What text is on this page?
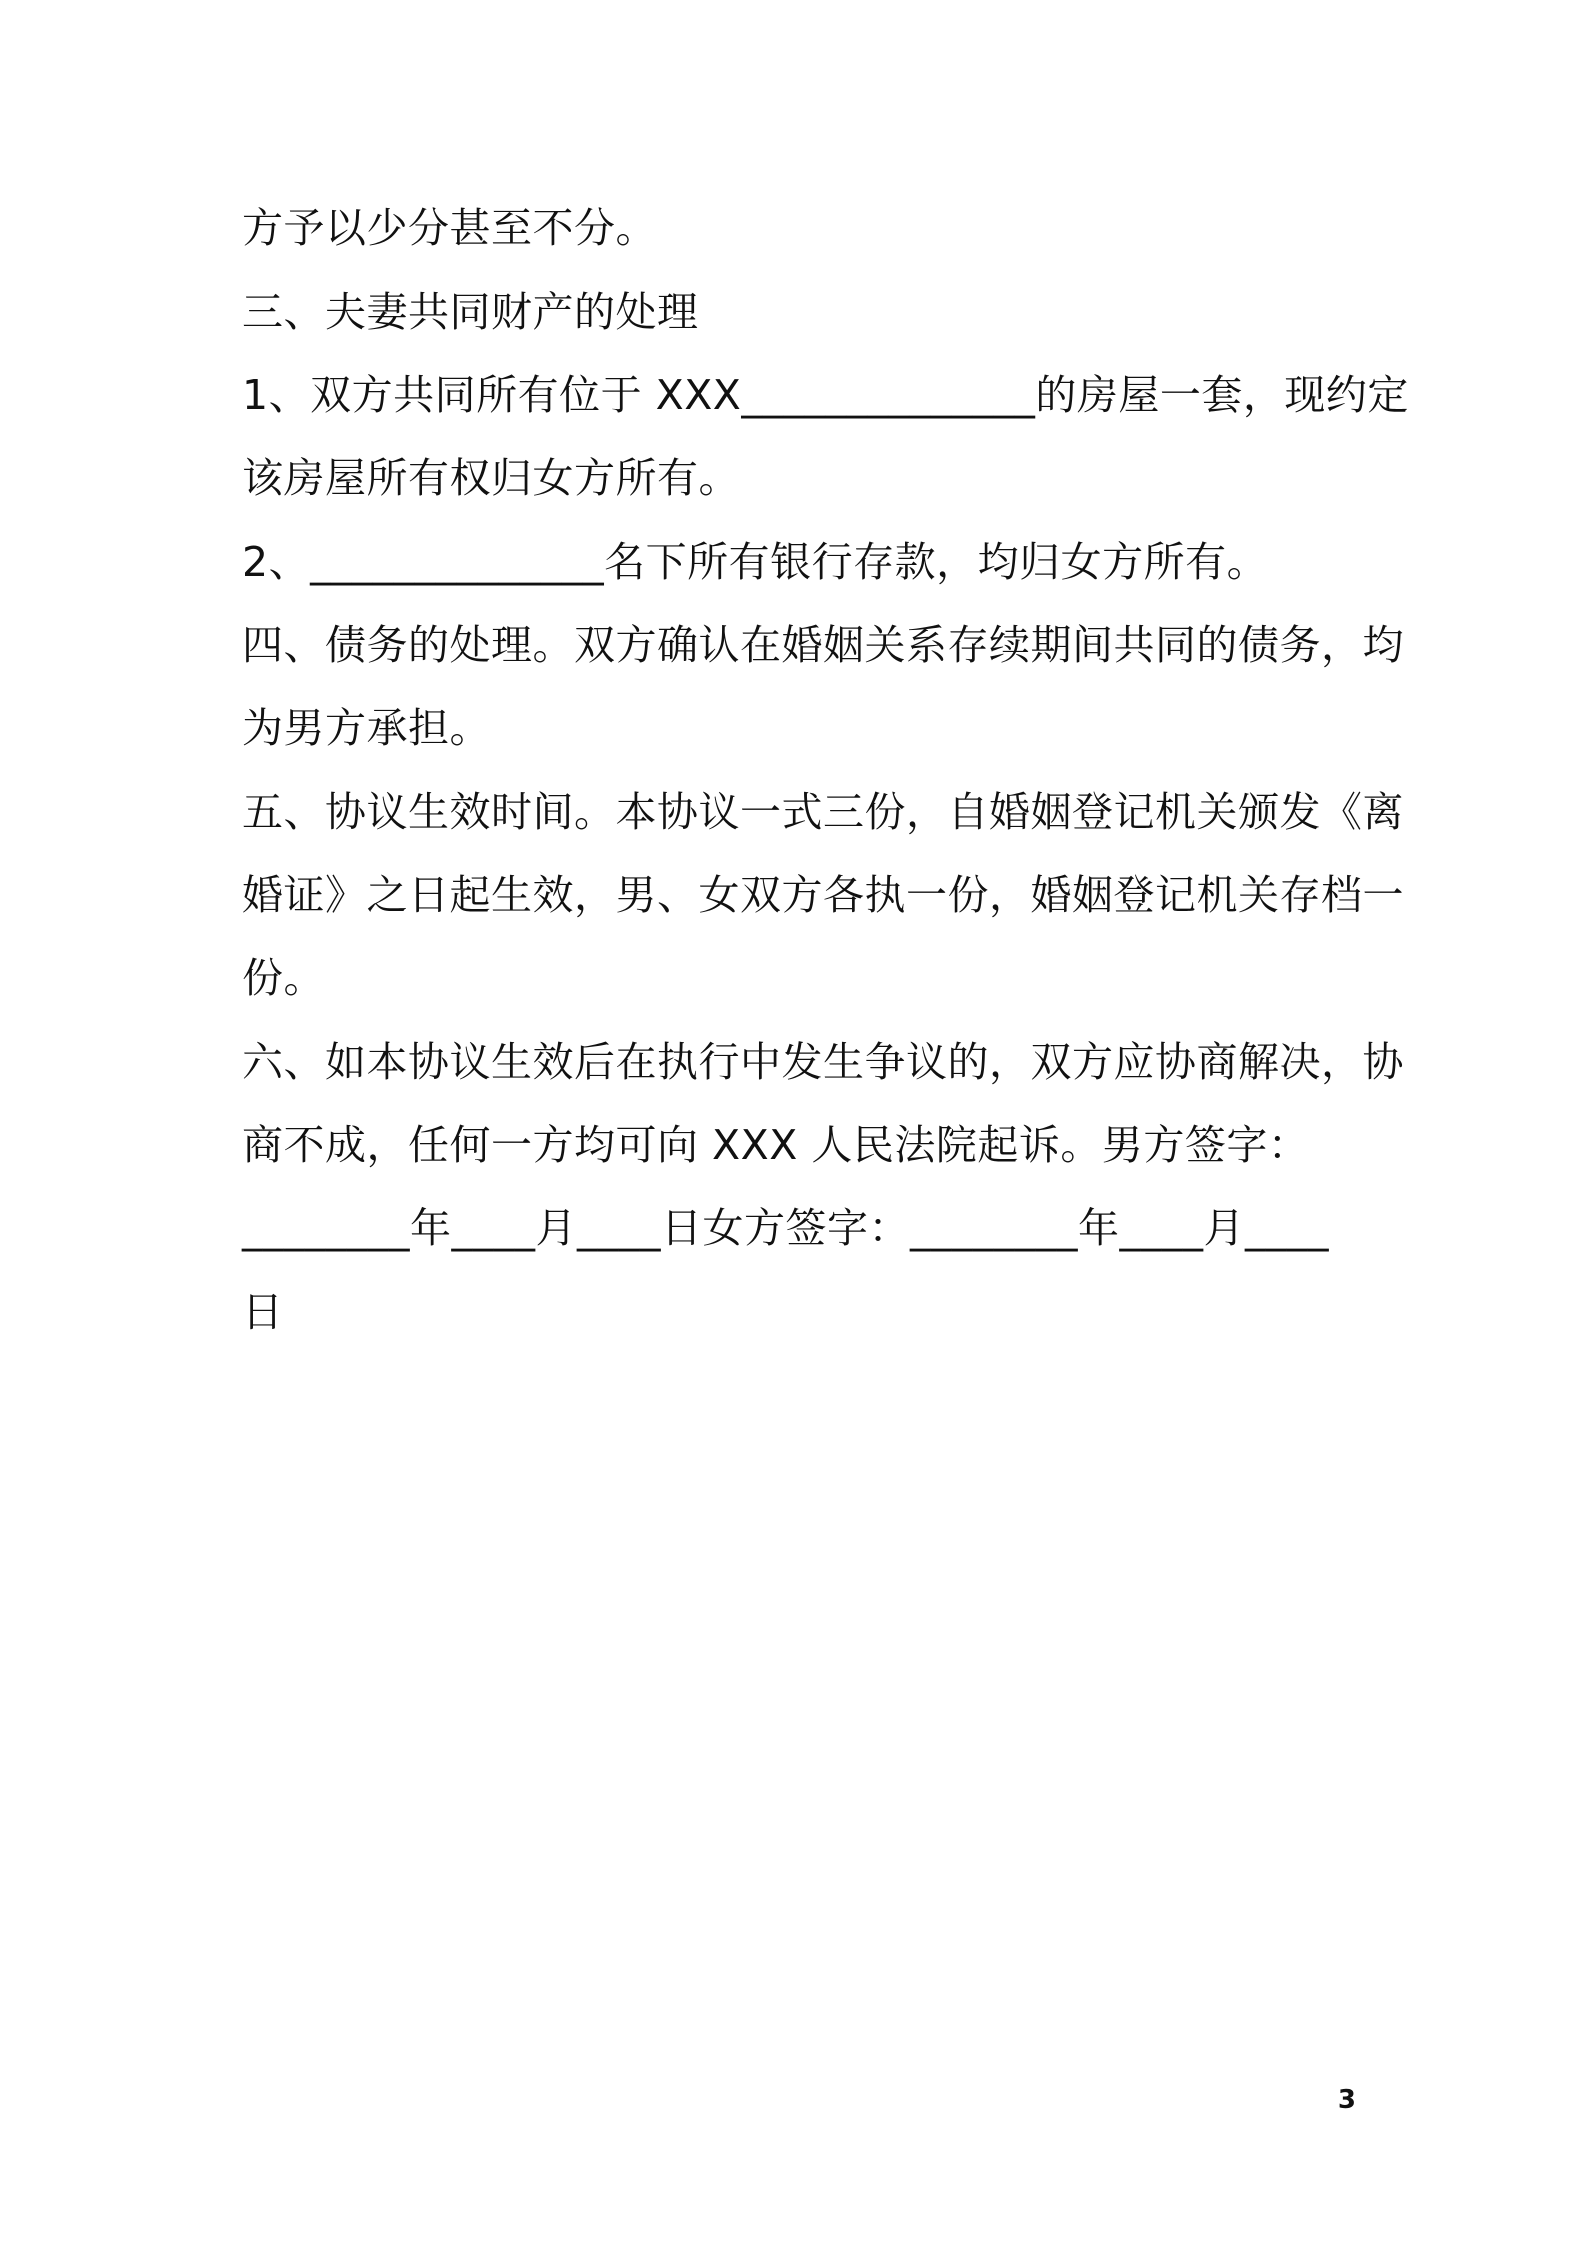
方予以少分甚至不分。
三、夫妻共同财产的处理
1、双方共同所有位于 XXX______________的房屋一套，现约定
该房屋所有权归女方所有。
2、______________名下所有银行存款，均归女方所有。
四、债务的处理。双方确认在婚姻关系存续期间共同的债务，均
为男方承担。
五、协议生效时间。本协议一式三份，自婚姻登记机关颁发《离
婚证》之日起生效，男、女双方各执一份，婚姻登记机关存档一
份。
六、如本协议生效后在执行中发生争议的，双方应协商解决，协
商不成，任何一方均可向 XXX 人民法院起诉。男方签字：
________年____月____日女方签字：________年____月____
日
3
